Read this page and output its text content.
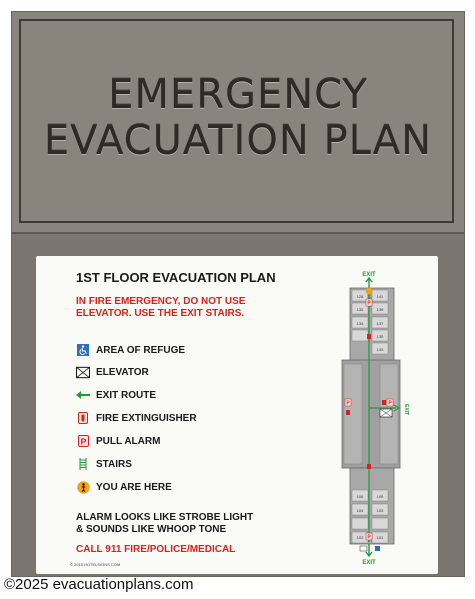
EMERGENCY
EVACUATION PLAN
1ST FLOOR EVACUATION PLAN
IN FIRE EMERGENCY, DO NOT USE
ELEVATOR. USE THE EXIT STAIRS.
AREA OF REFUGE
ELEVATOR
EXIT ROUTE
FIRE EXTINGUISHER
P PULL ALARM
STAIRS
YOU ARE HERE
ALARM LOOKS LIKE STROBE LIGHT
& SOUNDS LIKE WHOOP TONE
CALL 911 FIRE/POLICE/MEDICAL
© 2015 HOTELSIGNS.COM
EXIT
128	141
135	139
134	137
135
133
106	105
104	103
102	101
EXIT
P
P	P
P
EXIT
©2025 evacuationplans.com
